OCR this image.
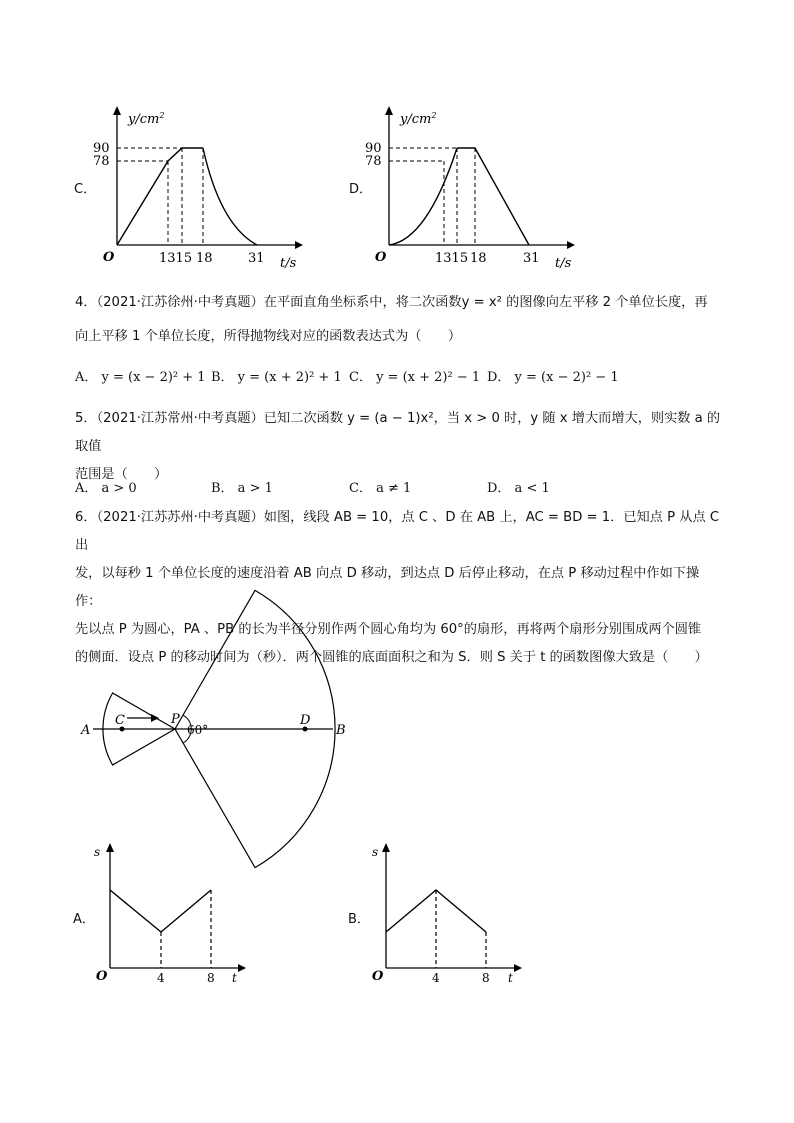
C．
$y/cm^2$
90
78
O	1315 18	31 t/s
D．
$y/cm^2$
90
78
O	1315 18	31 t/s
4．（2021·江苏徐州·中考真题）在平面直角坐标系中，将二次函数y = x² 的图像向左平移 2 个单位长度，再
向上平移 1 个单位长度，所得抛物线对应的函数表达式为（　　）
A． y = (x − 2)² + 1 B． y = (x + 2)² + 1 C． y = (x + 2)² − 1 D． y = (x − 2)² − 1
5．（2021·江苏常州·中考真题）已知二次函数 y = (a − 1)x²，当 x > 0 时，y 随 x 增大而增大，则实数 a 的取值
范围是（　　）
A． a > 0	B． a > 1	C． a ≠ 1	D． a < 1
6．（2021·江苏苏州·中考真题）如图，线段 AB = 10，点 C 、D 在 AB 上，AC = BD = 1．已知点 P 从点 C 出
发，以每秒 1 个单位长度的速度沿着 AB 向点 D 移动，到达点 D 后停止移动，在点 P 移动过程中作如下操作：
先以点 P 为圆心，PA 、PB 的长为半径分别作两个圆心角均为 60°的扇形，再将两个扇形分别围成两个圆锥
的侧面．设点 P 的移动时间为（秒）．两个圆锥的底面面积之和为 S．则 S 关于 t 的函数图像大致是（　　）
A
C	P
60°
D
B
A．
s
O	4	8 t
B．
s
O	4	8 t
